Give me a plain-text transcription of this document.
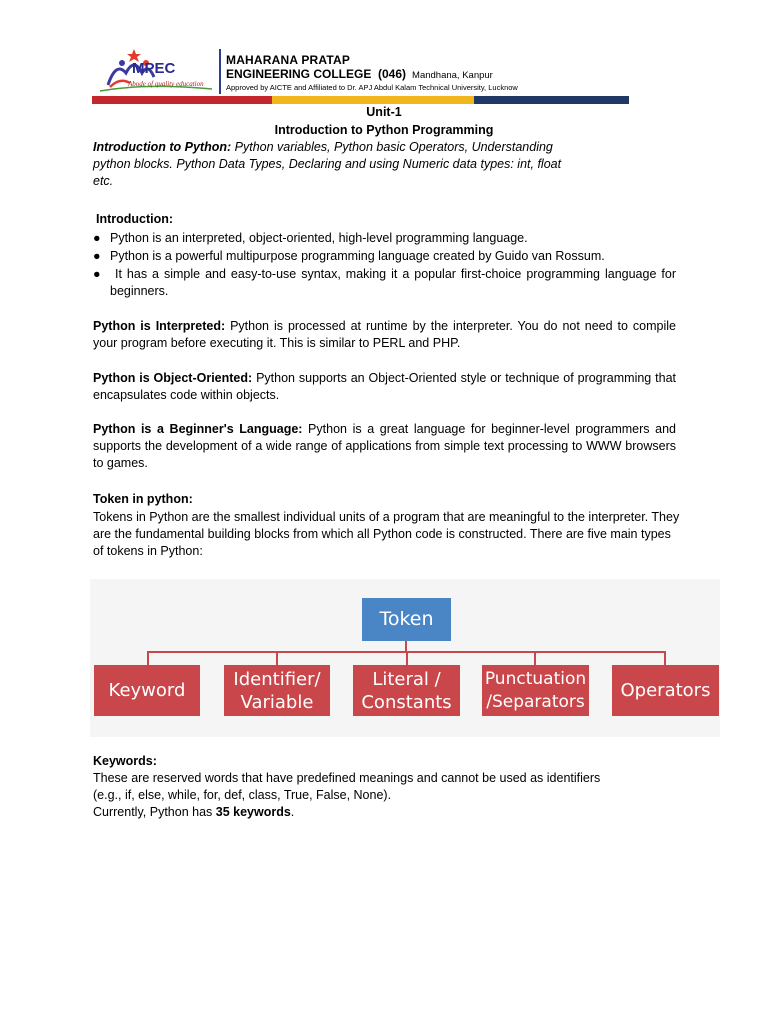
MPEC
Abode of quality education
MAHARANA PRATAP
ENGINEERING COLLEGE  (046) Mandhana, Kanpur
Approved by AICTE and Affiliated to Dr. APJ Abdul Kalam Technical University, Lucknow
Unit-1
Introduction to Python Programming
Introduction to Python: Python variables, Python basic Operators, Understanding python blocks. Python Data Types, Declaring and using Numeric data types: int, float etc.
Introduction:
● Python is an interpreted, object-oriented, high-level programming language.
● Python is a powerful multipurpose programming language created by Guido van Rossum.
● It has a simple and easy-to-use syntax, making it a popular first-choice programming language for beginners.
Python is Interpreted: Python is processed at runtime by the interpreter. You do not need to compile your program before executing it. This is similar to PERL and PHP.
Python is Object-Oriented: Python supports an Object-Oriented style or technique of programming that encapsulates code within objects.
Python is a Beginner's Language: Python is a great language for beginner-level programmers and supports the development of a wide range of applications from simple text processing to WWW browsers to games.
Token in python:
Tokens in Python are the smallest individual units of a program that are meaningful to the interpreter. They are the fundamental building blocks from which all Python code is constructed. There are five main types of tokens in Python:
Token
Keyword
Identifier/ Variable
Literal / Constants
Punctuation /Separators
Operators
Keywords:
These are reserved words that have predefined meanings and cannot be used as identifiers
(e.g., if, else, while, for, def, class, True, False, None).
Currently, Python has 35 keywords.
